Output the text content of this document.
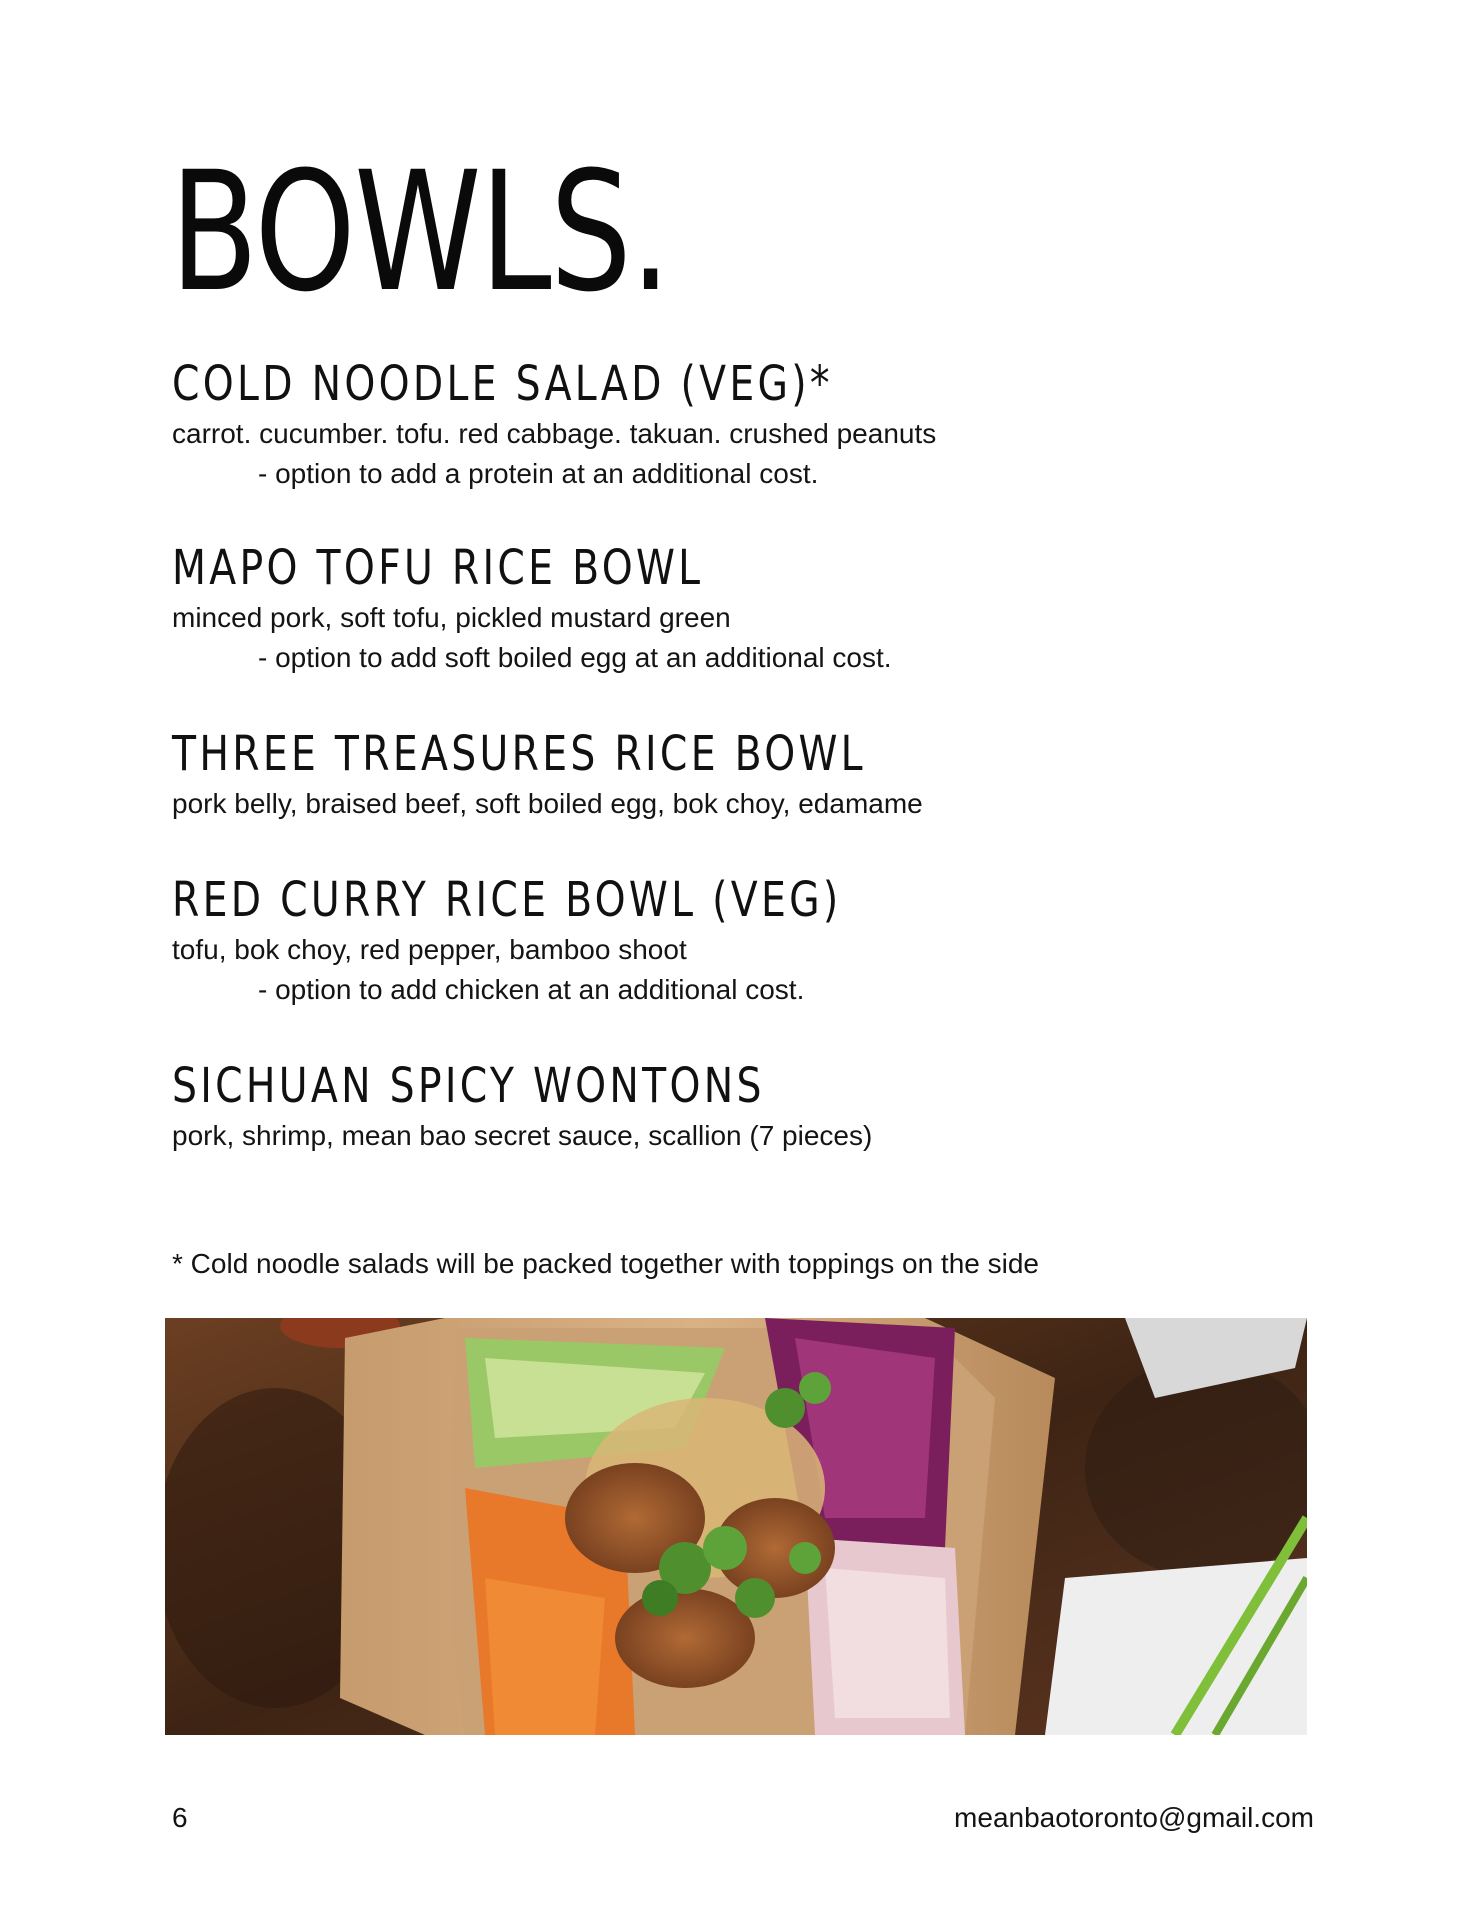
BOWLS.
COLD NOODLE SALAD (VEG)*
carrot. cucumber. tofu. red cabbage. takuan. crushed peanuts
- option to add a protein at an additional cost.
MAPO TOFU RICE BOWL
minced pork, soft tofu, pickled mustard green
- option to add soft boiled egg at an additional cost.
THREE TREASURES RICE BOWL
pork belly, braised beef, soft boiled egg, bok choy, edamame
RED CURRY RICE BOWL (VEG)
tofu, bok choy, red pepper, bamboo shoot
- option to add chicken at an additional cost.
SICHUAN SPICY WONTONS
pork, shrimp, mean bao secret sauce, scallion (7 pieces)
* Cold noodle salads will be packed together with toppings on the side
6	meanbaotoronto@gmail.com
